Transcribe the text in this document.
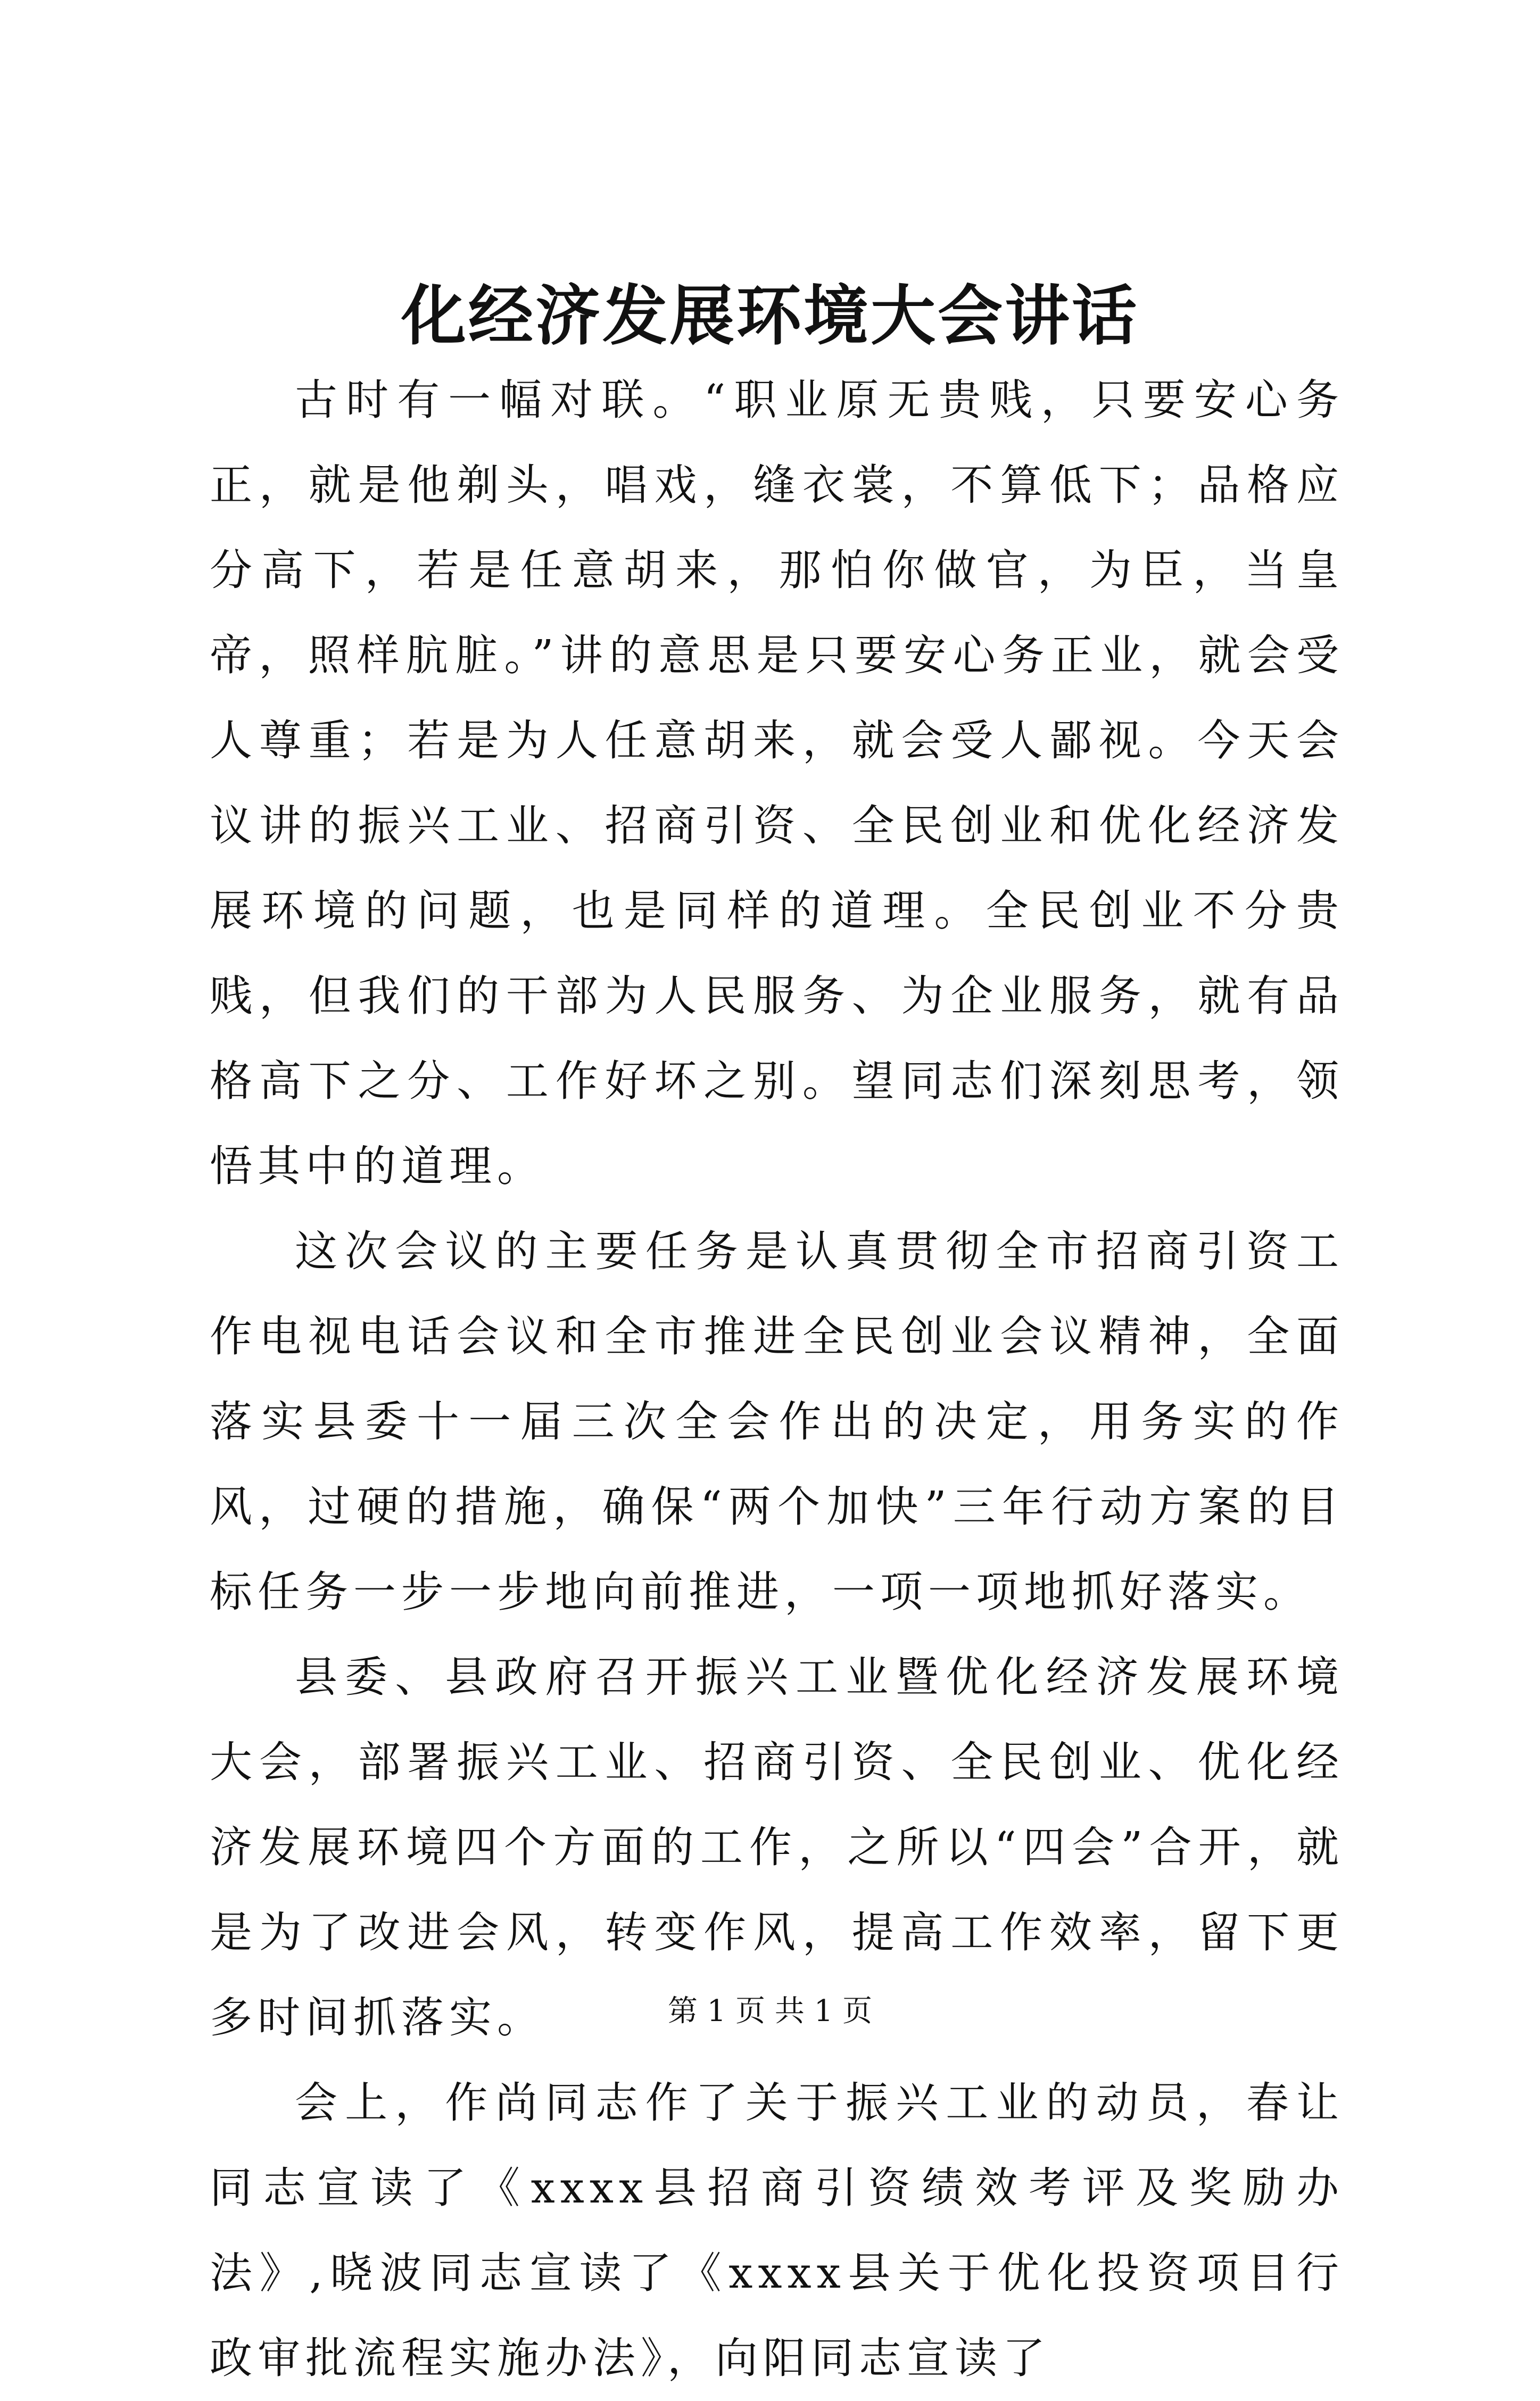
化经济发展环境大会讲话

古时有一幅对联。“职业原无贵贱，只要安心务正，就是他剃头，唱戏，缝衣裳，不算低下；品格应分高下，若是任意胡来，那怕你做官，为臣，当皇帝，照样肮脏。”讲的意思是只要安心务正业，就会受人尊重；若是为人任意胡来，就会受人鄙视。今天会议讲的振兴工业、招商引资、全民创业和优化经济发展环境的问题，也是同样的道理。全民创业不分贵贱，但我们的干部为人民服务、为企业服务，就有品格高下之分、工作好坏之别。望同志们深刻思考，领悟其中的道理。

这次会议的主要任务是认真贯彻全市招商引资工作电视电话会议和全市推进全民创业会议精神，全面落实县委十一届三次全会作出的决定，用务实的作风，过硬的措施，确保“两个加快”三年行动方案的目标任务一步一步地向前推进，一项一项地抓好落实。

县委、县政府召开振兴工业暨优化经济发展环境大会，部署振兴工业、招商引资、全民创业、优化经济发展环境四个方面的工作，之所以“四会”合开，就是为了改进会风，转变作风，提高工作效率，留下更多时间抓落实。

会上，作尚同志作了关于振兴工业的动员，春让同志宣读了《xxxx县招商引资绩效考评及奖励办法》,晓波同志宣读了《xxxx县关于优化投资项目行政审批流程实施办法》，向阳同志宣读了

第 1 页 共 1 页
